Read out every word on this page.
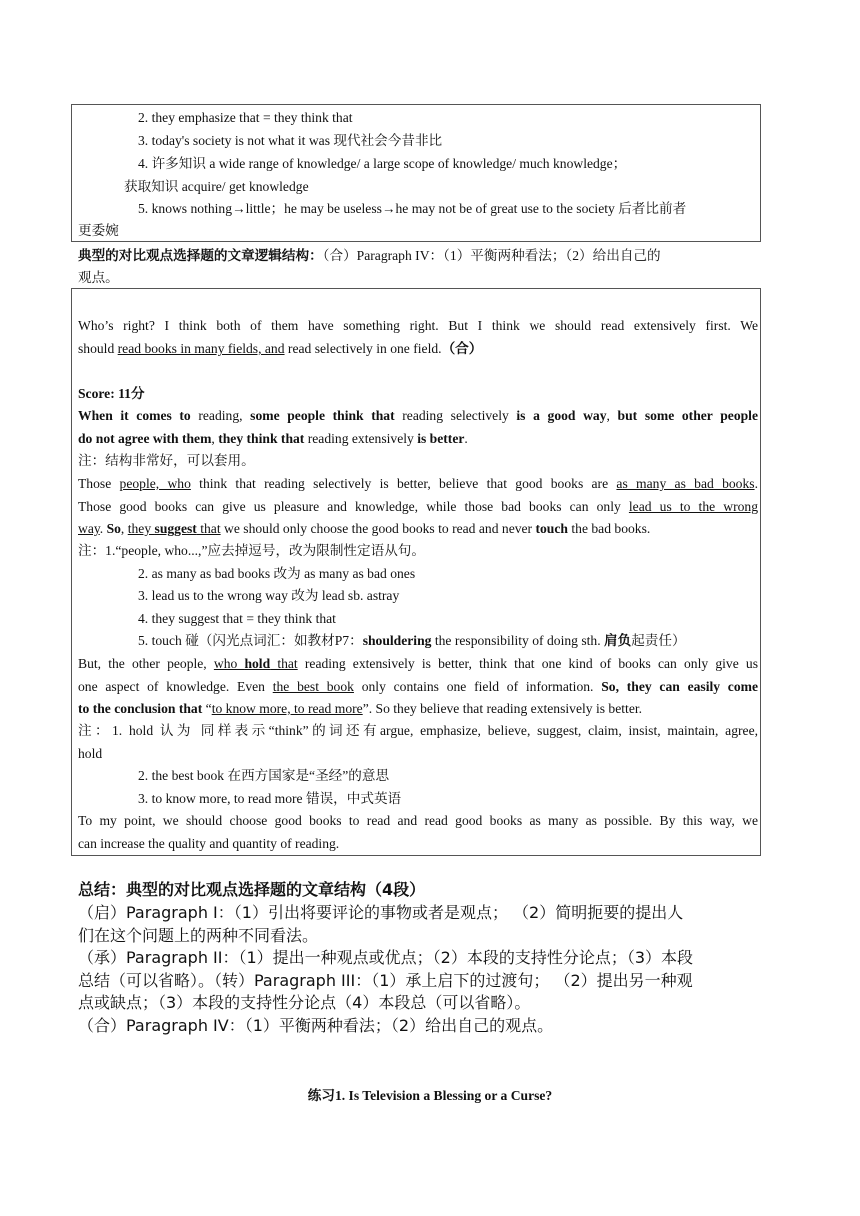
2. they emphasize that = they think that
3. today's society is not what it was 现代社会今昔非比
4. 许多知识 a wide range of knowledge/ a large scope of knowledge/ much knowledge；
获取知识 acquire/ get knowledge
5. knows nothing→little；he may be useless→he may not be of great use to the society 后者比前者
更委婉
典型的对比观点选择题的文章逻辑结构：（合）Paragraph IV：（1）平衡两种看法；（2）给出自己的
观点。
Who’s right? I think both of them have something right. But I think we should read extensively first. We
should read books in many fields, and read selectively in one field.（合）
Score: 11分
When it comes to reading, some people think that reading selectively is a good way, but some other people
do not agree with them, they think that reading extensively is better.
注：结构非常好，可以套用。
Those people, who think that reading selectively is better, believe that good books are as many as bad books.
Those good books can give us pleasure and knowledge, while those bad books can only lead us to the wrong
way. So, they suggest that we should only choose the good books to read and never touch the bad books.
注：1.“people, who...,”应去掉逗号，改为限制性定语从句。
2. as many as bad books 改为 as many as bad ones
3. lead us to the wrong way 改为 lead sb. astray
4. they suggest that = they think that
5. touch 碰（闪光点词汇：如教材P7：shouldering the responsibility of doing sth. 肩负起责任）
But, the other people, who hold that reading extensively is better, think that one kind of books can only give us
one aspect of knowledge. Even the best book only contains one field of information. So, they can easily come
to the conclusion that “to know more, to read more”. So they believe that reading extensively is better.
注：1. hold 认为 同样表示“think”的词还有argue, emphasize, believe, suggest, claim, insist, maintain, agree,
hold
2. the best book 在西方国家是“圣经”的意思
3. to know more, to read more 错误，中式英语
To my point, we should choose good books to read and read good books as many as possible. By this way, we
can increase the quality and quantity of reading.
总结：典型的对比观点选择题的文章结构（4段）
（启）Paragraph I：（1）引出将要评论的事物或者是观点； （2）简明扼要的提出人
们在这个问题上的两种不同看法。
（承）Paragraph II：（1）提出一种观点或优点；（2）本段的支持性分论点；（3）本段
总结（可以省略）。（转）Paragraph III：（1）承上启下的过渡句； （2）提出另一种观
点或缺点；（3）本段的支持性分论点（4）本段总（可以省略）。
（合）Paragraph IV：（1）平衡两种看法；（2）给出自己的观点。
练习1. Is Television a Blessing or a Curse?
